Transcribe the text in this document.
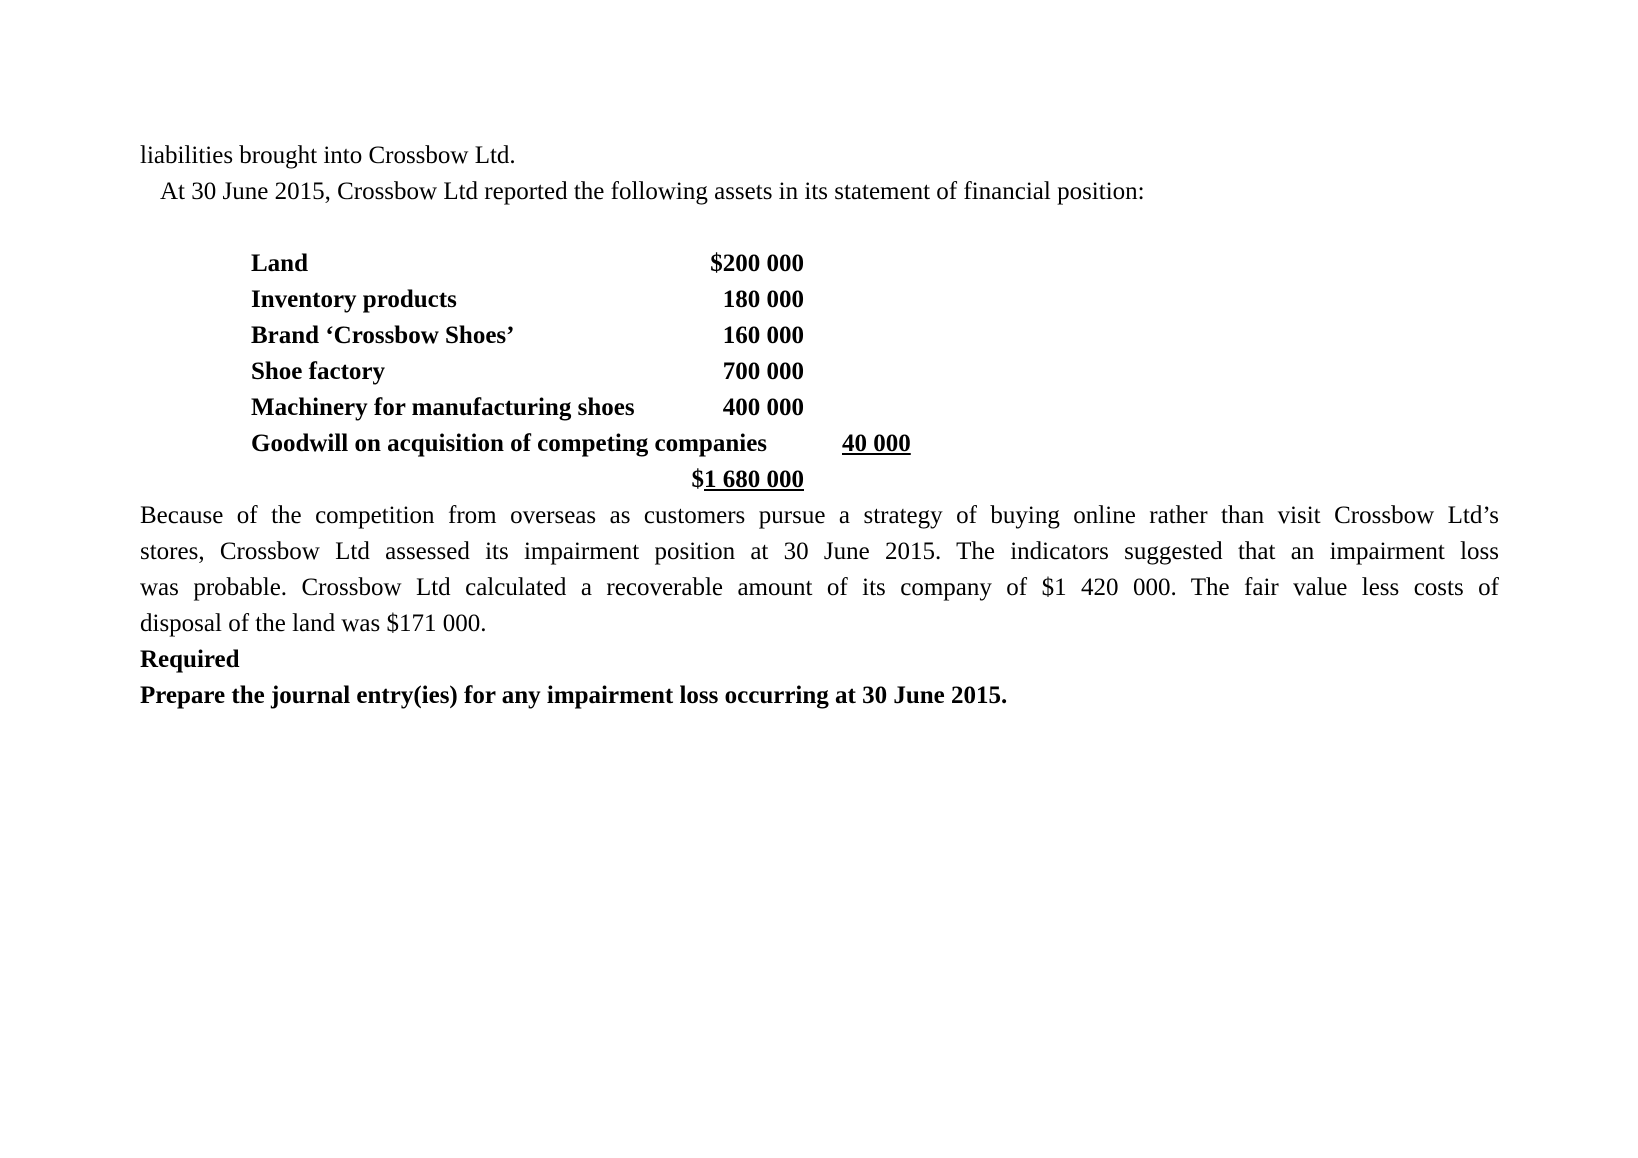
liabilities brought into Crossbow Ltd.
At 30 June 2015, Crossbow Ltd reported the following assets in its statement of financial position:
Land	$200 000
Inventory products	180 000
Brand ‘Crossbow Shoes’	160 000
Shoe factory	700 000
Machinery for manufacturing shoes	400 000
Goodwill on acquisition of competing companies	40 000
$1 680 000
Because of the competition from overseas as customers pursue a strategy of buying online rather than visit Crossbow Ltd’s
stores, Crossbow Ltd assessed its impairment position at 30 June 2015. The indicators suggested that an impairment loss
was probable. Crossbow Ltd calculated a recoverable amount of its company of $1 420 000. The fair value less costs of
disposal of the land was $171 000.
Required
Prepare the journal entry(ies) for any impairment loss occurring at 30 June 2015.
